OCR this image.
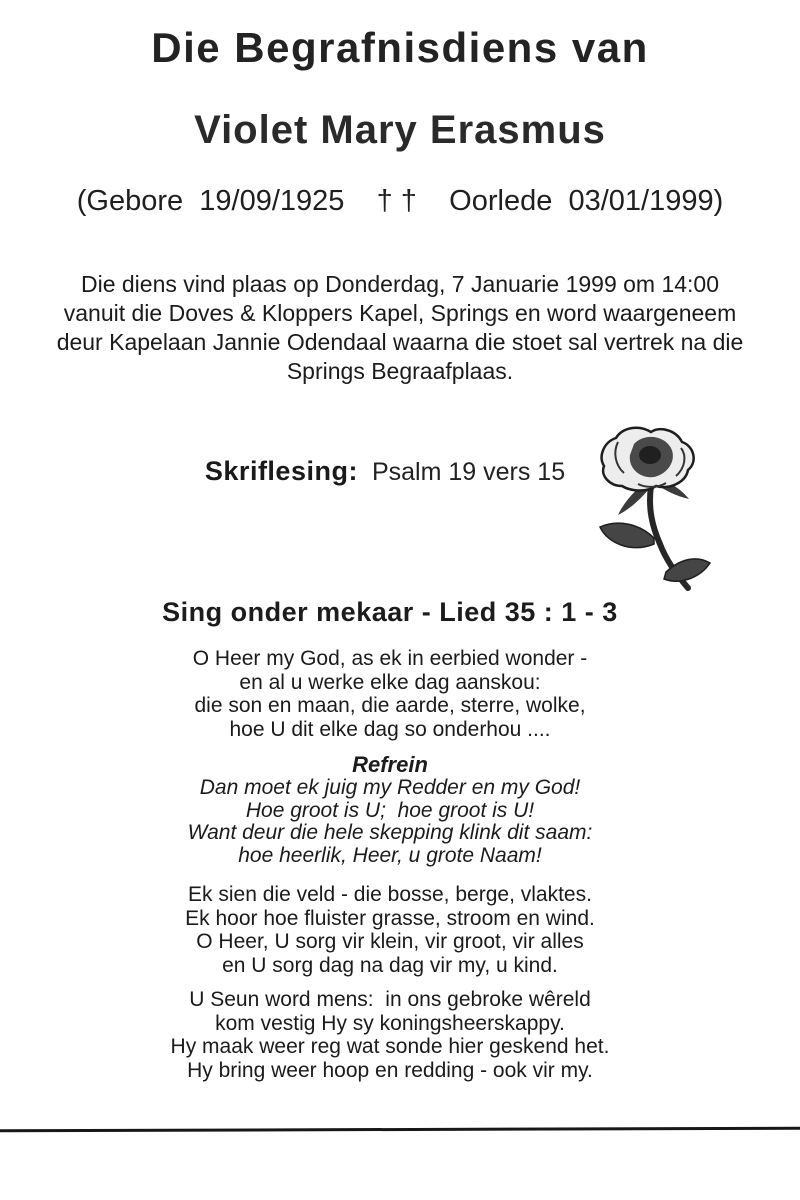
Die Begrafnisdiens van
Violet Mary Erasmus
(Gebore  19/09/1925    † †    Oorlede  03/01/1999)
Die diens vind plaas op Donderdag, 7 Januarie 1999 om 14:00
vanuit die Doves & Kloppers Kapel, Springs en word waargeneem
deur Kapelaan Jannie Odendaal waarna die stoet sal vertrek na die
Springs Begraafplaas.
Skriflesing: Psalm 19 vers 15
Sing onder mekaar - Lied 35 : 1 - 3
O Heer my God, as ek in eerbied wonder -
en al u werke elke dag aanskou:
die son en maan, die aarde, sterre, wolke,
hoe U dit elke dag so onderhou ....
Refrein
Dan moet ek juig my Redder en my God!
Hoe groot is U;  hoe groot is U!
Want deur die hele skepping klink dit saam:
hoe heerlik, Heer, u grote Naam!
Ek sien die veld - die bosse, berge, vlaktes.
Ek hoor hoe fluister grasse, stroom en wind.
O Heer, U sorg vir klein, vir groot, vir alles
en U sorg dag na dag vir my, u kind.
U Seun word mens:  in ons gebroke wêreld
kom vestig Hy sy koningsheerskappy.
Hy maak weer reg wat sonde hier geskend het.
Hy bring weer hoop en redding - ook vir my.
